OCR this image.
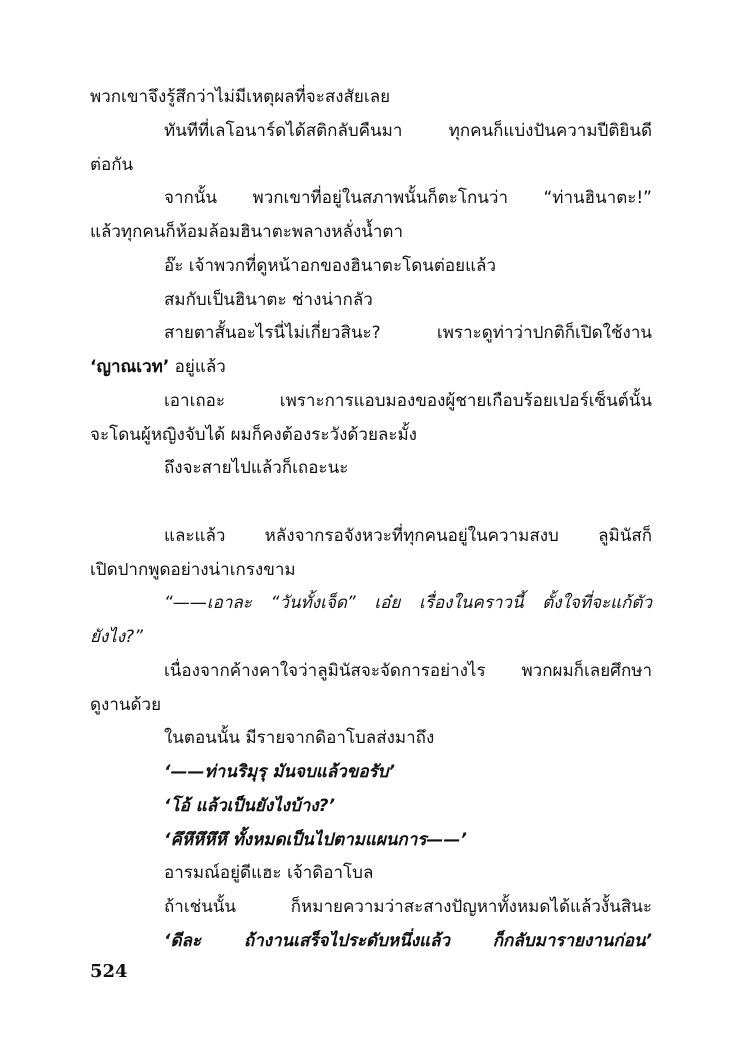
พวกเขาจึงรู้สึกว่าไม่มีเหตุผลที่จะสงสัยเลย
ทันทีที่เลโอนาร์ดได้สติกลับคืนมา ทุกคนก็แบ่งปันความปีติยินดี
ต่อกัน
จากนั้น พวกเขาที่อยู่ในสภาพนั้นก็ตะโกนว่า “ท่านฮินาตะ!”
แล้วทุกคนก็ห้อมล้อมฮินาตะพลางหลั่งน้ำตา
อ๊ะ เจ้าพวกที่ดูหน้าอกของฮินาตะโดนต่อยแล้ว
สมกับเป็นฮินาตะ ช่างน่ากลัว
สายตาสั้นอะไรนี่ไม่เกี่ยวสินะ? เพราะดูท่าว่าปกติก็เปิดใช้งาน
‘ญาณเวท’ อยู่แล้ว
เอาเถอะ เพราะการแอบมองของผู้ชายเกือบร้อยเปอร์เซ็นต์นั้น
จะโดนผู้หญิงจับได้ ผมก็คงต้องระวังด้วยละมั้ง
ถึงจะสายไปแล้วก็เถอะนะ
และแล้ว หลังจากรอจังหวะที่ทุกคนอยู่ในความสงบ ลูมินัสก็
เปิดปากพูดอย่างน่าเกรงขาม
“——เอาละ “วันทั้งเจ็ด” เอ๋ย เรื่องในคราวนี้ ตั้งใจที่จะแก้ตัว
ยังไง?”
เนื่องจากค้างคาใจว่าลูมินัสจะจัดการอย่างไร พวกผมก็เลยศึกษา
ดูงานด้วย
ในตอนนั้น มีรายจากดิอาโบลส่งมาถึง
‘——ท่านริมุรุ มันจบแล้วขอรับ’
‘โอ้ แล้วเป็นยังไงบ้าง?’
‘คึหึหึหึหึ ทั้งหมดเป็นไปตามแผนการ——’
อารมณ์อยู่ดีแฮะ เจ้าดิอาโบล
ถ้าเช่นนั้น ก็หมายความว่าสะสางปัญหาทั้งหมดได้แล้วงั้นสินะ
‘ดีละ ถ้างานเสร็จไประดับหนึ่งแล้ว ก็กลับมารายงานก่อน’
524
